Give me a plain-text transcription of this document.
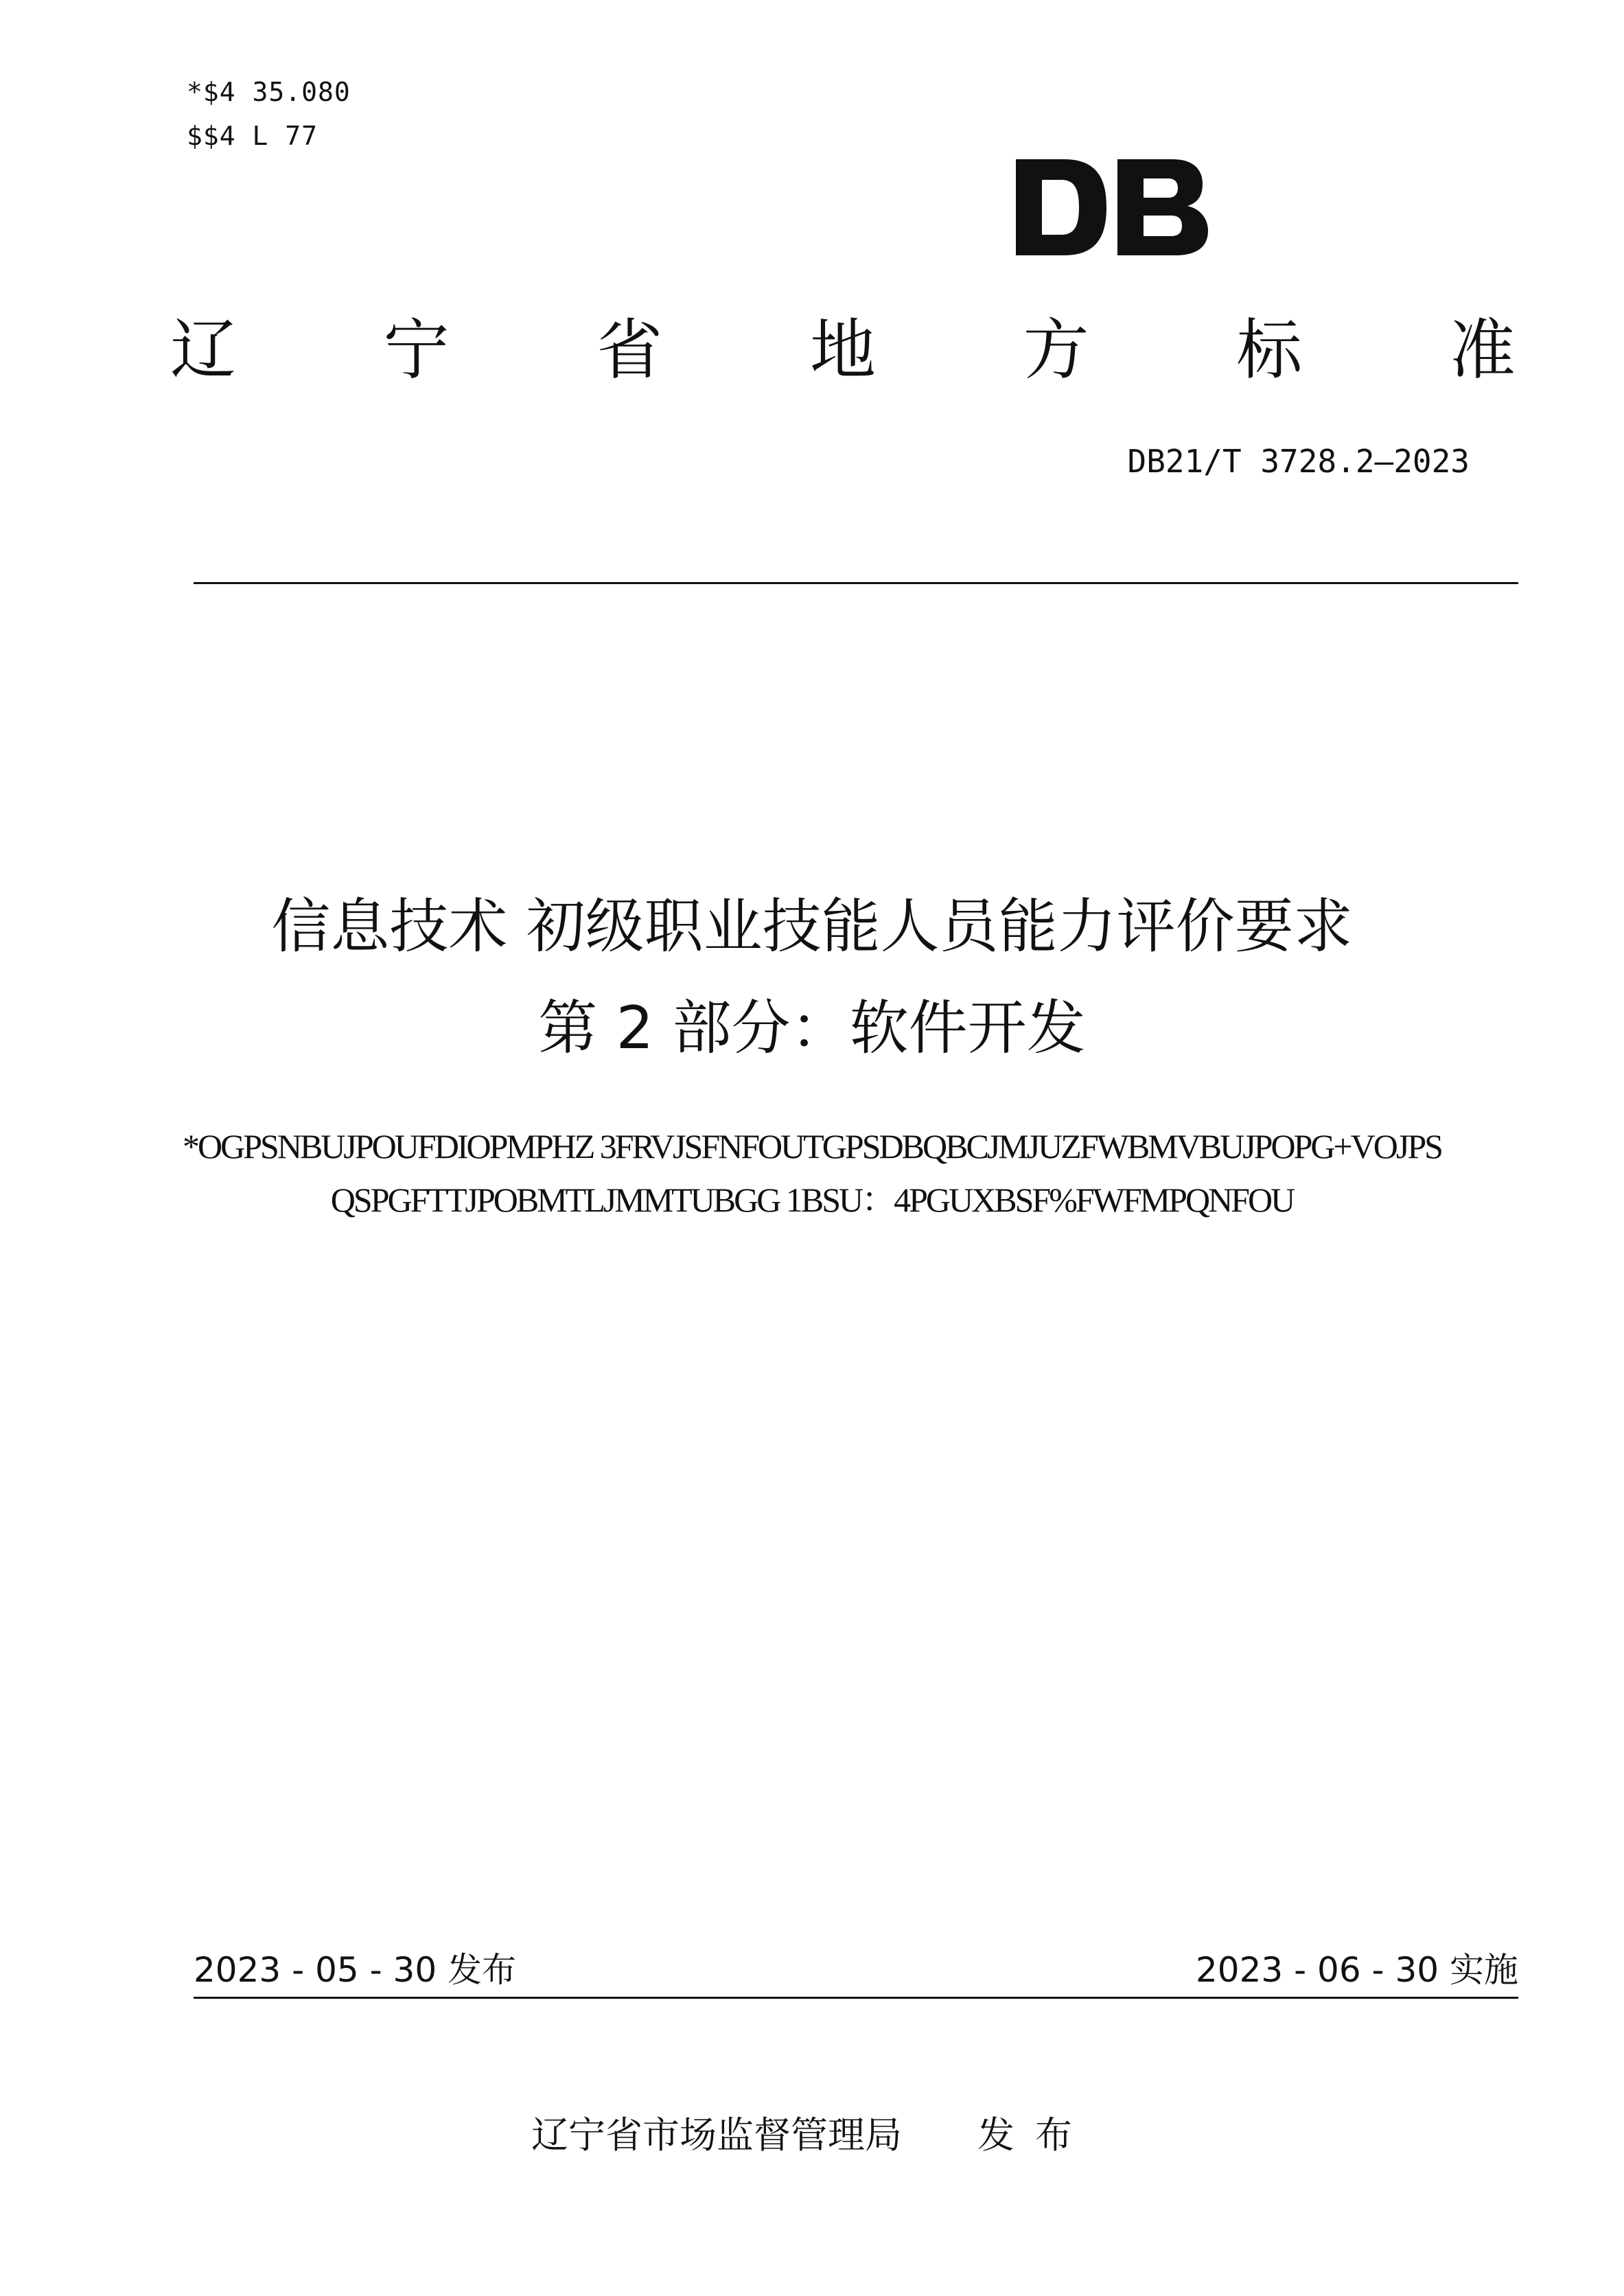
*$4 35.080
$$4 L 77
辽 宁 省 地 方 标 准
DB21/T 3728.2—2023
信息技术 初级职业技能人员能力评价要求
第 2 部分：软件开发
*OGPSNBUJPOUFDIOPMPHZ 3FRVJSFNFOUTGPSDBQBCJMJUZFWBMVBUJPOPG+VOJPS
QSPGFTTJPOBMTLJMMTUBGG 1BSU：4PGUXBSF%FWFMPQNFOU
2023 - 05 - 30 发布	2023 - 06 - 30 实施
辽宁省市场监督管理局 发布
